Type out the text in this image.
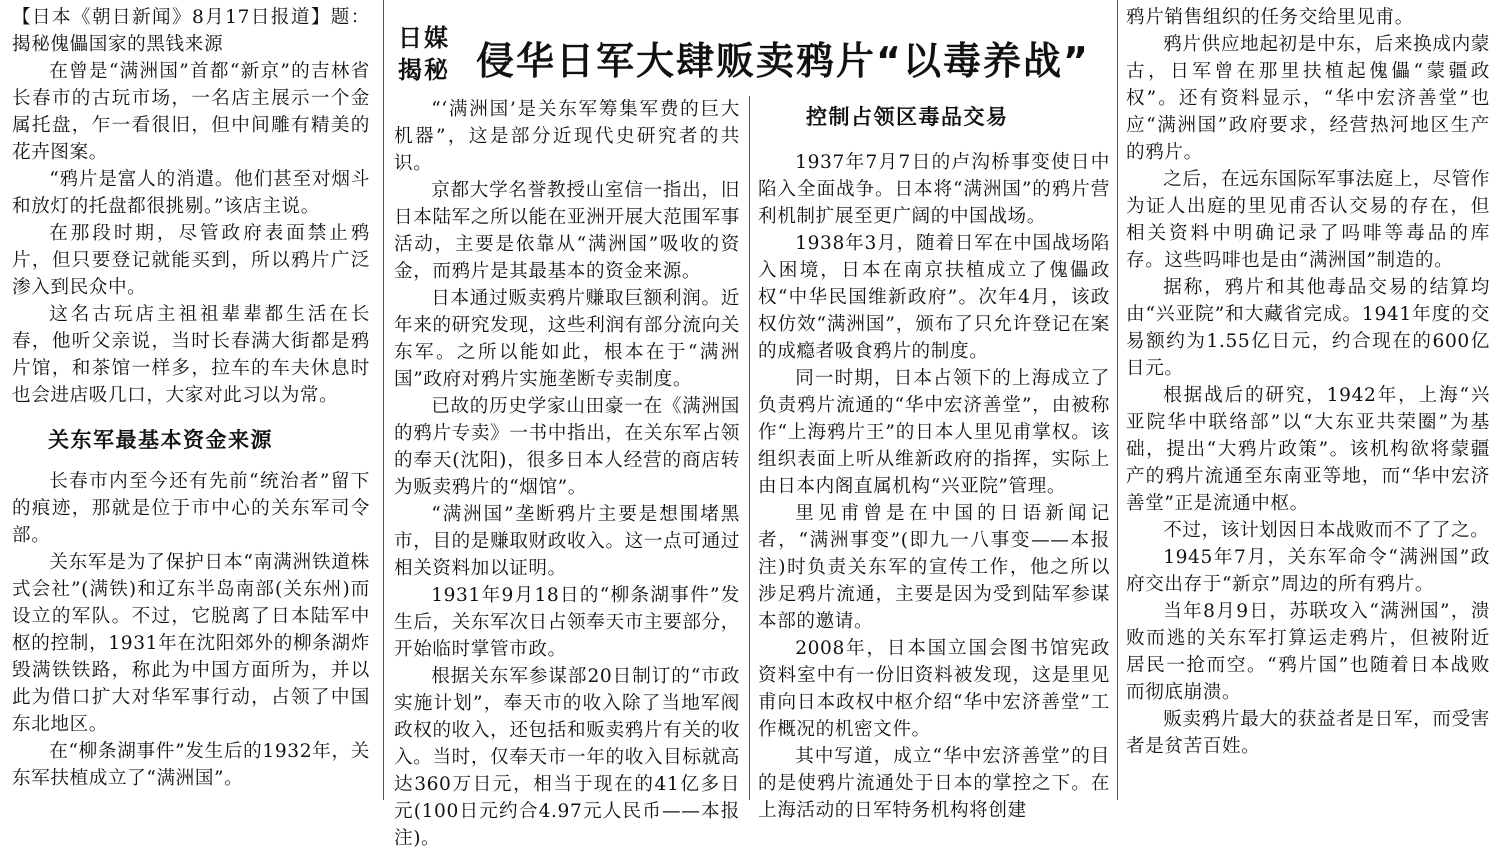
日媒揭秘 侵华日军大肆贩卖鸦片“以毒养战”

【日本《朝日新闻》8月17日报道】题：揭秘傀儡国家的黑钱来源

在曾是“满洲国”首都“新京”的吉林省长春市的古玩市场，一名店主展示一个金属托盘，乍一看很旧，但中间雕有精美的花卉图案。

“鸦片是富人的消遣。他们甚至对烟斗和放灯的托盘都很挑剔。”该店主说。

在那段时期，尽管政府表面禁止鸦片，但只要登记就能买到，所以鸦片广泛渗入到民众中。

这名古玩店主祖祖辈辈都生活在长春，他听父亲说，当时长春满大街都是鸦片馆，和茶馆一样多，拉车的车夫休息时也会进店吸几口，大家对此习以为常。

关东军最基本资金来源

长春市内至今还有先前“统治者”留下的痕迹，那就是位于市中心的关东军司令部。

关东军是为了保护日本“南满洲铁道株式会社”(满铁)和辽东半岛南部(关东州)而设立的军队。不过，它脱离了日本陆军中枢的控制，1931年在沈阳郊外的柳条湖炸毁满铁铁路，称此为中国方面所为，并以此为借口扩大对华军事行动，占领了中国东北地区。

在“柳条湖事件”发生后的1932年，关东军扶植成立了“满洲国”。

“‘满洲国’是关东军筹集军费的巨大机器”，这是部分近现代史研究者的共识。

京都大学名誉教授山室信一指出，旧日本陆军之所以能在亚洲开展大范围军事活动，主要是依靠从“满洲国”吸收的资金，而鸦片是其最基本的资金来源。

日本通过贩卖鸦片赚取巨额利润。近年来的研究发现，这些利润有部分流向关东军。之所以能如此，根本在于“满洲国”政府对鸦片实施垄断专卖制度。

已故的历史学家山田豪一在《满洲国的鸦片专卖》一书中指出，在关东军占领的奉天(沈阳)，很多日本人经营的商店转为贩卖鸦片的“烟馆”。

“满洲国”垄断鸦片主要是想围堵黑市，目的是赚取财政收入。这一点可通过相关资料加以证明。

1931年9月18日的“柳条湖事件”发生后，关东军次日占领奉天市主要部分，开始临时掌管市政。

根据关东军参谋部20日制订的“市政实施计划”，奉天市的收入除了当地军阀政权的收入，还包括和贩卖鸦片有关的收入。当时，仅奉天市一年的收入目标就高达360万日元，相当于现在的41亿多日元(100日元约合4.97元人民币——本报注)。

控制占领区毒品交易

1937年7月7日的卢沟桥事变使日中陷入全面战争。日本将“满洲国”的鸦片营利机制扩展至更广阔的中国战场。

1938年3月，随着日军在中国战场陷入困境，日本在南京扶植成立了傀儡政权“中华民国维新政府”。次年4月，该政权仿效“满洲国”，颁布了只允许登记在案的成瘾者吸食鸦片的制度。

同一时期，日本占领下的上海成立了负责鸦片流通的“华中宏济善堂”，由被称作“上海鸦片王”的日本人里见甫掌权。该组织表面上听从维新政府的指挥，实际上由日本内阁直属机构“兴亚院”管理。

里见甫曾是在中国的日语新闻记者，“满洲事变”(即九一八事变——本报注)时负责关东军的宣传工作，他之所以涉足鸦片流通，主要是因为受到陆军参谋本部的邀请。

2008年，日本国立国会图书馆宪政资料室中有一份旧资料被发现，这是里见甫向日本政权中枢介绍“华中宏济善堂”工作概况的机密文件。

其中写道，成立“华中宏济善堂”的目的是使鸦片流通处于日本的掌控之下。在上海活动的日军特务机构将创建

鸦片销售组织的任务交给里见甫。

鸦片供应地起初是中东，后来换成内蒙古，日军曾在那里扶植起傀儡“蒙疆政权”。还有资料显示，“华中宏济善堂”也应“满洲国”政府要求，经营热河地区生产的鸦片。

之后，在远东国际军事法庭上，尽管作为证人出庭的里见甫否认交易的存在，但相关资料中明确记录了吗啡等毒品的库存。这些吗啡也是由“满洲国”制造的。

据称，鸦片和其他毒品交易的结算均由“兴亚院”和大藏省完成。1941年度的交易额约为1.55亿日元，约合现在的600亿日元。

根据战后的研究，1942年，上海“兴亚院华中联络部”以“大东亚共荣圈”为基础，提出“大鸦片政策”。该机构欲将蒙疆产的鸦片流通至东南亚等地，而“华中宏济善堂”正是流通中枢。

不过，该计划因日本战败而不了了之。

1945年7月，关东军命令“满洲国”政府交出存于“新京”周边的所有鸦片。

当年8月9日，苏联攻入“满洲国”，溃败而逃的关东军打算运走鸦片，但被附近居民一抢而空。“鸦片国”也随着日本战败而彻底崩溃。

贩卖鸦片最大的获益者是日军，而受害者是贫苦百姓。
